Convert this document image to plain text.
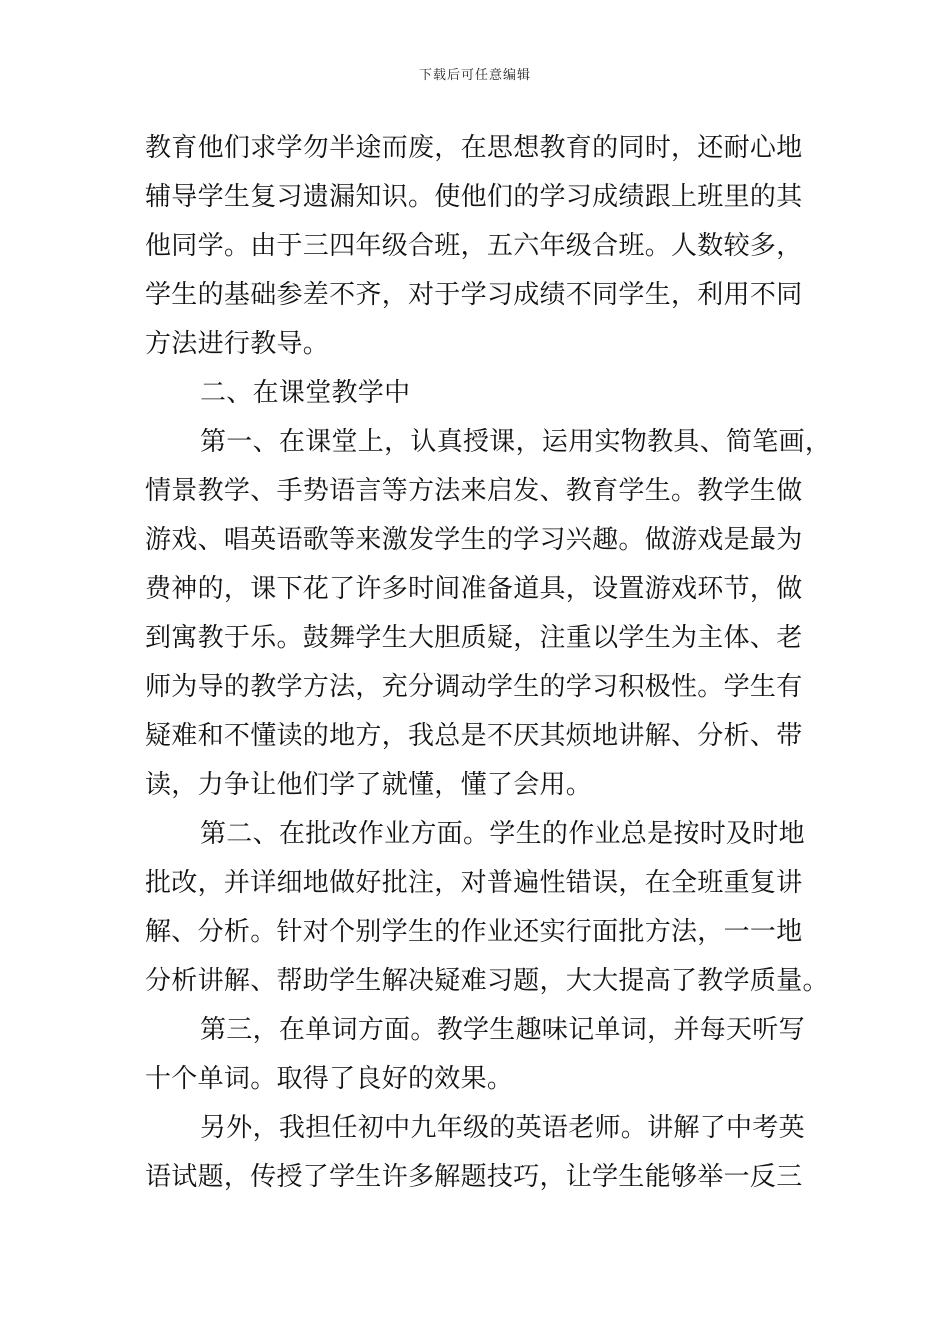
下载后可任意编辑

教育他们求学勿半途而废，在思想教育的同时，还耐心地

辅导学生复习遗漏知识。使他们的学习成绩跟上班里的其

他同学。由于三四年级合班，五六年级合班。人数较多，

学生的基础参差不齐，对于学习成绩不同学生，利用不同

方法进行教导。

二、在课堂教学中

第一、在课堂上，认真授课，运用实物教具、简笔画，

情景教学、手势语言等方法来启发、教育学生。教学生做

游戏、唱英语歌等来激发学生的学习兴趣。做游戏是最为

费神的，课下花了许多时间准备道具，设置游戏环节，做

到寓教于乐。鼓舞学生大胆质疑，注重以学生为主体、老

师为导的教学方法，充分调动学生的学习积极性。学生有

疑难和不懂读的地方，我总是不厌其烦地讲解、分析、带

读，力争让他们学了就懂，懂了会用。

第二、在批改作业方面。学生的作业总是按时及时地

批改，并详细地做好批注，对普遍性错误，在全班重复讲

解、分析。针对个别学生的作业还实行面批方法，一一地

分析讲解、帮助学生解决疑难习题，大大提高了教学质量。

第三，在单词方面。教学生趣味记单词，并每天听写

十个单词。取得了良好的效果。

另外，我担任初中九年级的英语老师。讲解了中考英

语试题，传授了学生许多解题技巧，让学生能够举一反三
